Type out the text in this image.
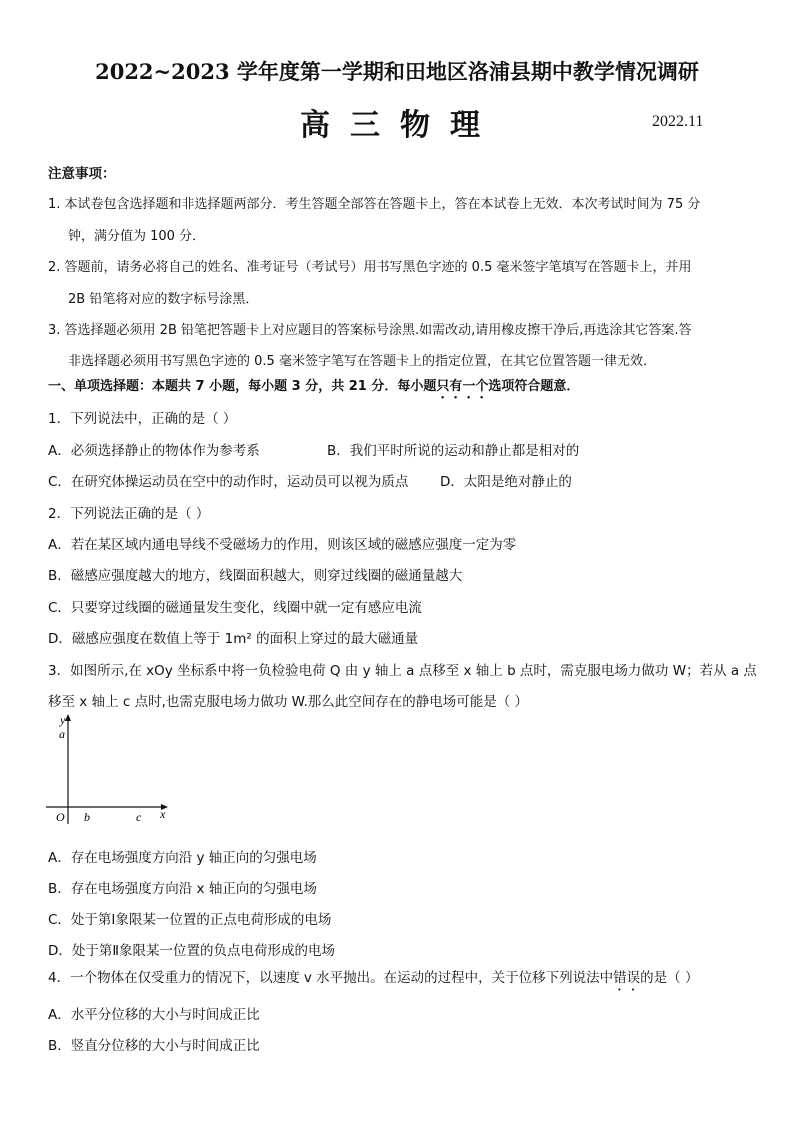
2022~2023 学年度第一学期和田地区洛浦县期中教学情况调研
高三物理	2022.11
注意事项：
1. 本试卷包含选择题和非选择题两部分．考生答题全部答在答题卡上，答在本试卷上无效．本次考试时间为 75 分
钟，满分值为 100 分．
2. 答题前，请务必将自己的姓名、准考证号（考试号）用书写黑色字迹的 0.5 毫米签字笔填写在答题卡上，并用
2B 铅笔将对应的数字标号涂黑．
3. 答选择题必须用 2B 铅笔把答题卡上对应题目的答案标号涂黑.如需改动,请用橡皮擦干净后,再选涂其它答案.答
非选择题必须用书写黑色字迹的 0.5 毫米签字笔写在答题卡上的指定位置，在其它位置答题一律无效．
一、单项选择题：本题共 7 小题，每小题 3 分，共 21 分．每小题只有一个选项符合题意．
1．下列说法中，正确的是（ ）
A．必须选择静止的物体作为参考系	B．我们平时所说的运动和静止都是相对的
C．在研究体操运动员在空中的动作时，运动员可以视为质点 D．太阳是绝对静止的
2．下列说法正确的是（ ）
A．若在某区域内通电导线不受磁场力的作用，则该区域的磁感应强度一定为零
B．磁感应强度越大的地方，线圈面积越大，则穿过线圈的磁通量越大
C．只要穿过线圈的磁通量发生变化，线圈中就一定有感应电流
D．磁感应强度在数值上等于 1m² 的面积上穿过的最大磁通量
3．如图所示,在 xOy 坐标系中将一负检验电荷 Q 由 y 轴上 a 点移至 x 轴上 b 点时，需克服电场力做功 W；若从 a 点
移至 x 轴上 c 点时,也需克服电场力做功 W.那么此空间存在的静电场可能是（ ）
y
a
O b	c x
A．存在电场强度方向沿 y 轴正向的匀强电场
B．存在电场强度方向沿 x 轴正向的匀强电场
C．处于第Ⅰ象限某一位置的正点电荷形成的电场
D．处于第Ⅱ象限某一位置的负点电荷形成的电场
4．一个物体在仅受重力的情况下，以速度 v 水平抛出。在运动的过程中，关于位移下列说法中错误的是（ ）
A．水平分位移的大小与时间成正比
B．竖直分位移的大小与时间成正比
